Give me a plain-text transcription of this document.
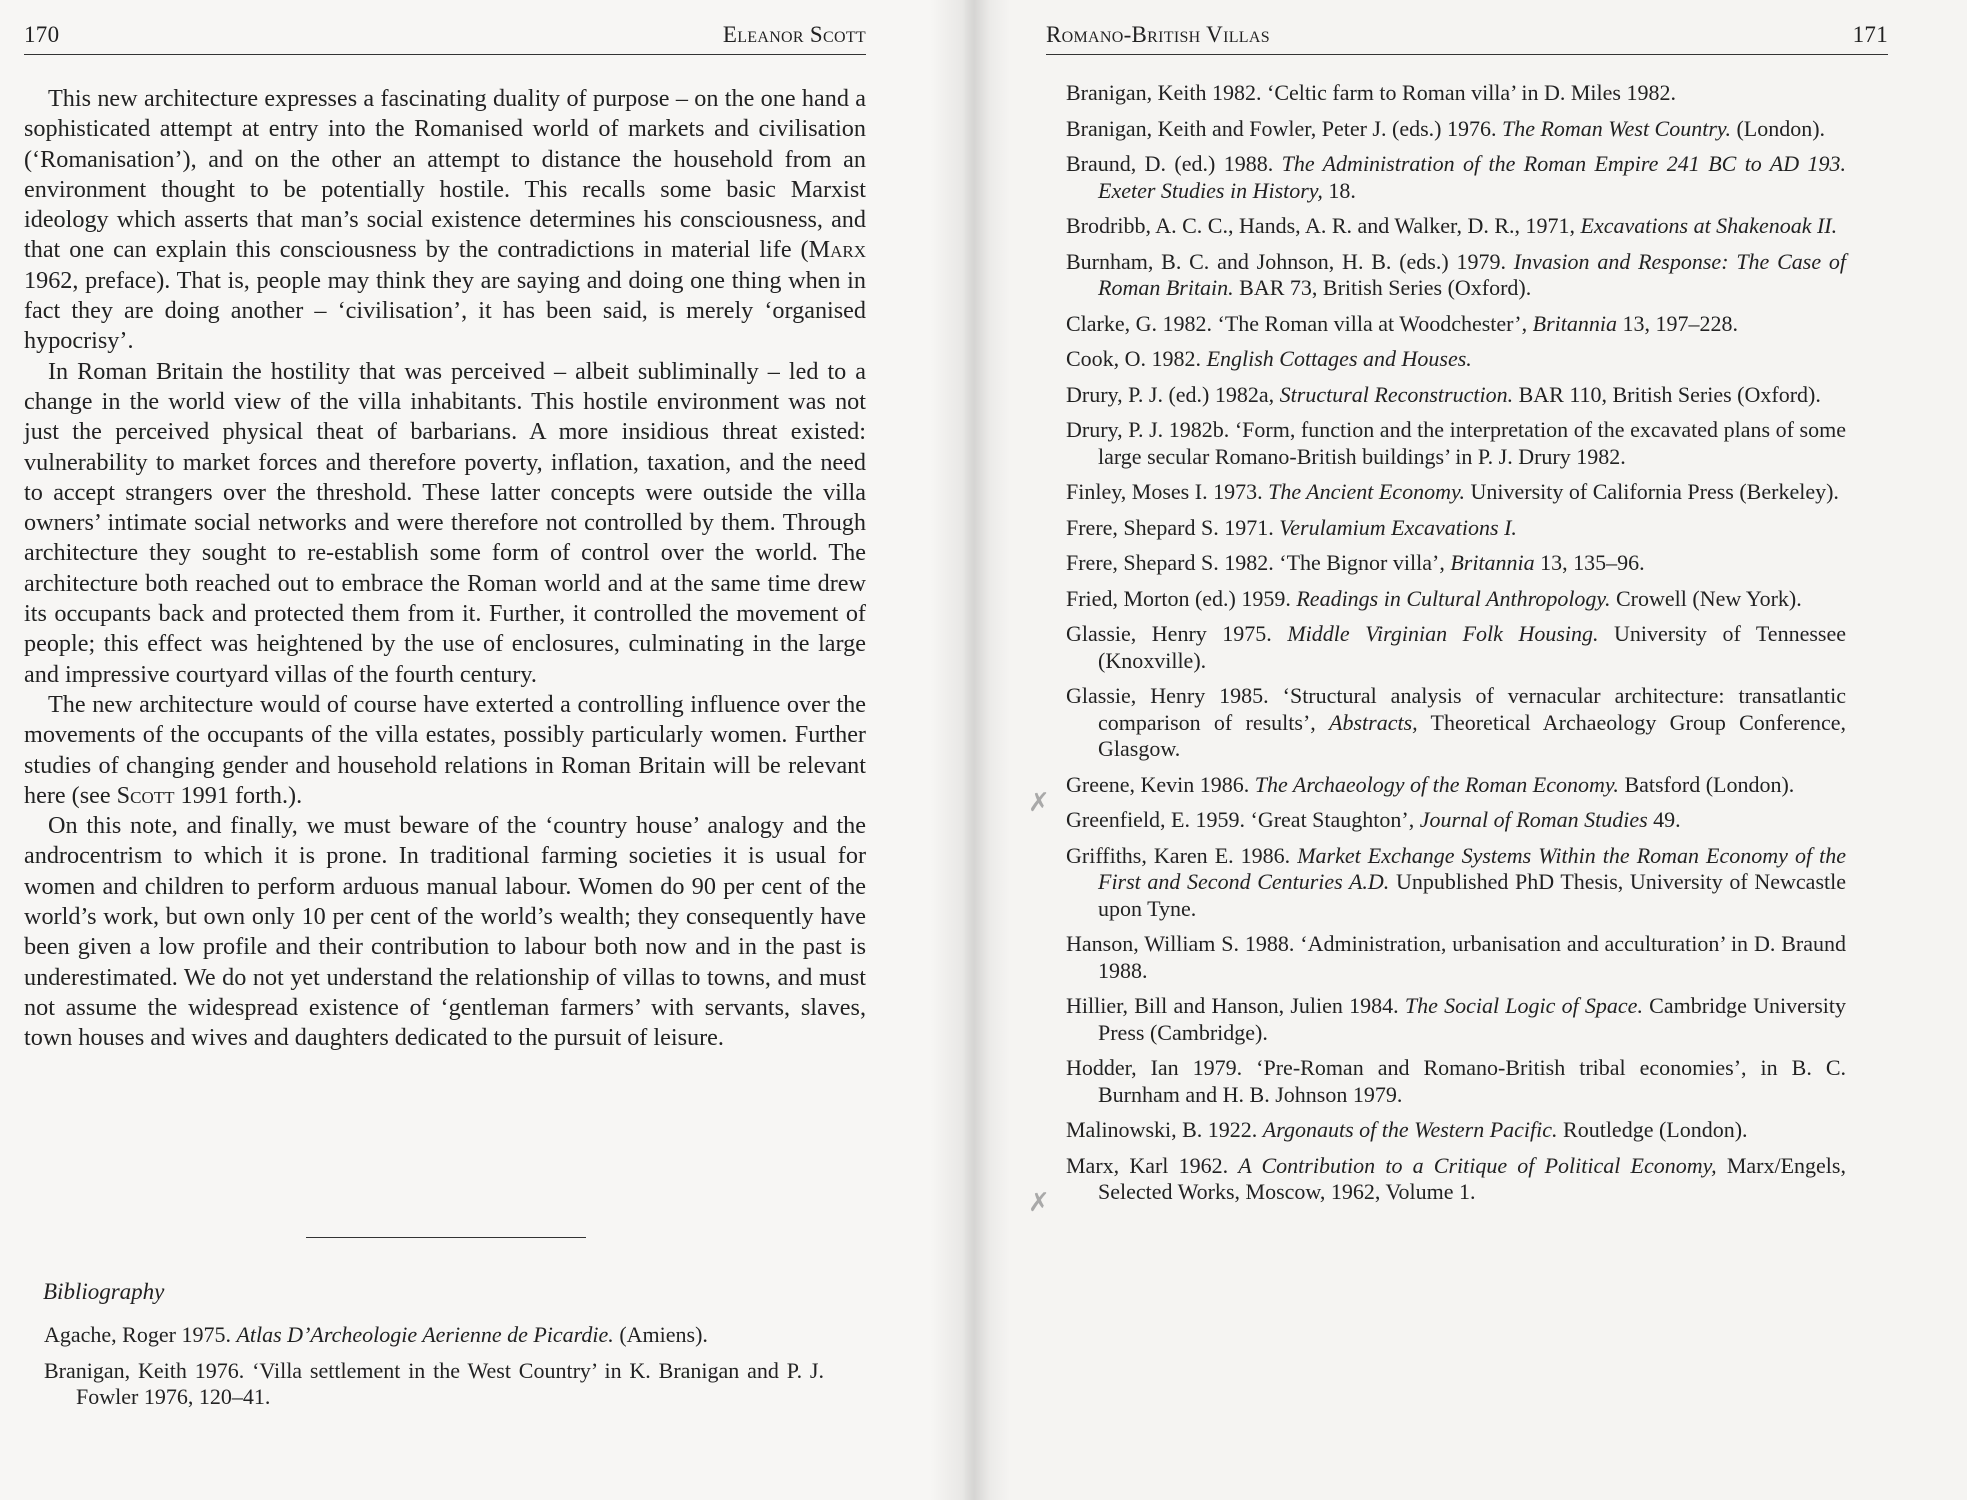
170	Eleanor Scott

This new architecture expresses a fascinating duality of purpose – on the one hand a sophisticated attempt at entry into the Romanised world of markets and civilisation (‘Romanisation’), and on the other an attempt to distance the household from an environment thought to be potentially hostile. This recalls some basic Marxist ideology which asserts that man’s social existence determines his consciousness, and that one can explain this consciousness by the contradictions in material life (Marx 1962, preface). That is, people may think they are saying and doing one thing when in fact they are doing another – ‘civilisation’, it has been said, is merely ‘organised hypocrisy’.

In Roman Britain the hostility that was perceived – albeit subliminally – led to a change in the world view of the villa inhabitants. This hostile environment was not just the perceived physical theat of barbarians. A more insidious threat existed: vulnerability to market forces and therefore poverty, inflation, taxation, and the need to accept strangers over the threshold. These latter concepts were outside the villa owners’ intimate social networks and were therefore not controlled by them. Through architecture they sought to re-establish some form of control over the world. The architecture both reached out to embrace the Roman world and at the same time drew its occupants back and protected them from it. Further, it controlled the movement of people; this effect was heightened by the use of enclosures, culminating in the large and impressive courtyard villas of the fourth century.

The new architecture would of course have exterted a controlling influence over the movements of the occupants of the villa estates, possibly particularly women. Further studies of changing gender and household relations in Roman Britain will be relevant here (see Scott 1991 forth.).

On this note, and finally, we must beware of the ‘country house’ analogy and the androcentrism to which it is prone. In traditional farming societies it is usual for women and children to perform arduous manual labour. Women do 90 per cent of the world’s work, but own only 10 per cent of the world’s wealth; they consequently have been given a low profile and their contribution to labour both now and in the past is underestimated. We do not yet understand the relationship of villas to towns, and must not assume the widespread existence of ‘gentleman farmers’ with servants, slaves, town houses and wives and daughters dedicated to the pursuit of leisure.

Bibliography
Agache, Roger 1975. Atlas D’Archeologie Aerienne de Picardie. (Amiens).
Branigan, Keith 1976. ‘Villa settlement in the West Country’ in K. Branigan and P. J. Fowler 1976, 120–41.
Romano-British Villas	171
Branigan, Keith 1982. ‘Celtic farm to Roman villa’ in D. Miles 1982.
Branigan, Keith and Fowler, Peter J. (eds.) 1976. The Roman West Country. (London).
Braund, D. (ed.) 1988. The Administration of the Roman Empire 241 BC to AD 193. Exeter Studies in History, 18.
Brodribb, A. C. C., Hands, A. R. and Walker, D. R., 1971, Excavations at Shakenoak II.
Burnham, B. C. and Johnson, H. B. (eds.) 1979. Invasion and Response: The Case of Roman Britain. BAR 73, British Series (Oxford).
Clarke, G. 1982. ‘The Roman villa at Woodchester’, Britannia 13, 197–228.
Cook, O. 1982. English Cottages and Houses.
Drury, P. J. (ed.) 1982a, Structural Reconstruction. BAR 110, British Series (Oxford).
Drury, P. J. 1982b. ‘Form, function and the interpretation of the excavated plans of some large secular Romano-British buildings’ in P. J. Drury 1982.
Finley, Moses I. 1973. The Ancient Economy. University of California Press (Berkeley).
Frere, Shepard S. 1971. Verulamium Excavations I.
Frere, Shepard S. 1982. ‘The Bignor villa’, Britannia 13, 135–96.
Fried, Morton (ed.) 1959. Readings in Cultural Anthropology. Crowell (New York).
Glassie, Henry 1975. Middle Virginian Folk Housing. University of Tennessee (Knoxville).
Glassie, Henry 1985. ‘Structural analysis of vernacular architecture: transatlantic comparison of results’, Abstracts, Theoretical Archaeology Group Conference, Glasgow.
Greene, Kevin 1986. The Archaeology of the Roman Economy. Batsford (London).
Greenfield, E. 1959. ‘Great Staughton’, Journal of Roman Studies 49.
Griffiths, Karen E. 1986. Market Exchange Systems Within the Roman Economy of the First and Second Centuries A.D. Unpublished PhD Thesis, University of Newcastle upon Tyne.
Hanson, William S. 1988. ‘Administration, urbanisation and acculturation’ in D. Braund 1988.
Hillier, Bill and Hanson, Julien 1984. The Social Logic of Space. Cambridge University Press (Cambridge).
Hodder, Ian 1979. ‘Pre-Roman and Romano-British tribal economies’, in B. C. Burnham and H. B. Johnson 1979.
Malinowski, B. 1922. Argonauts of the Western Pacific. Routledge (London).
Marx, Karl 1962. A Contribution to a Critique of Political Economy, Marx/Engels, Selected Works, Moscow, 1962, Volume 1.
✗
✗
